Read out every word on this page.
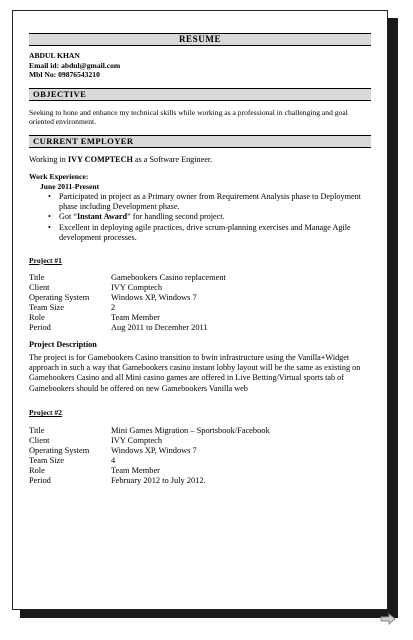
RESUME
ABDUL KHAN
Email id: abdul@gmail.com
Mbl No: 09876543210
OBJECTIVE
Seeking to hone and enhance my technical skills while working as a professional in challenging and goal oriented environment.
CURRENT EMPLOYER
Working in IVY COMPTECH as a Software Engineer.
Work Experience:
June 2011-Present
• Participated in project as a Primary owner from Requirement Analysis phase to Deployment phase including Development phase.
• Got “Instant Award” for handling second project.
• Excellent in deploying agile practices, drive scrum-planning exercises and Manage Agile development processes.
Project #1
Title	Gamebookers Casino replacement
Client	IVY Comptech
Operating System	Windows XP, Windows 7
Team Size	2
Role	Team Member
Period	Aug 2011 to December 2011
Project Description
The project is for Gamebookers Casino transition to bwin infrastructure using the Vanilla+Widget approach in such a way that Gamebookers casino instant lobby layout will be the same as existing on Gamebookers Casino and all Mini casino games are offered in Live Betting/Virtual sports tab of Gamebookers should be offered on new Gamebookers Vanilla web
Project #2
Title	Mini Games Migration – Sportsbook/Facebook
Client	IVY Comptech
Operating System	Windows XP, Windows 7
Team Size	4
Role	Team Member
Period	February 2012 to July 2012.
